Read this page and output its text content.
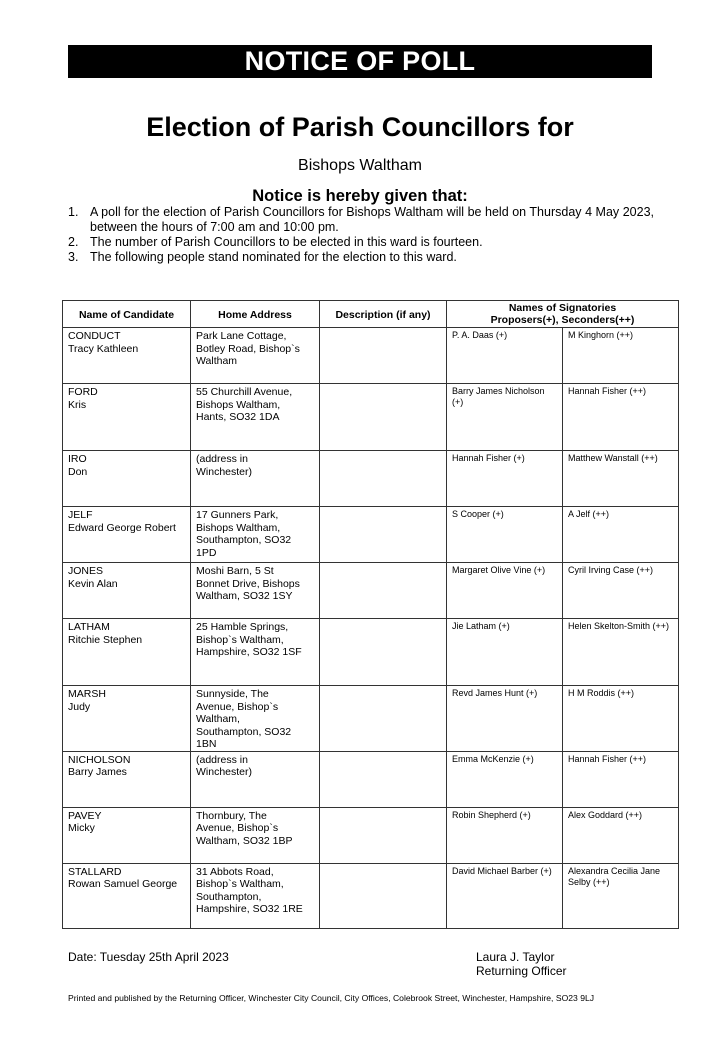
NOTICE OF POLL
Election of Parish Councillors for
Bishops Waltham
Notice is hereby given that:
1. A poll for the election of Parish Councillors for Bishops Waltham will be held on Thursday 4 May 2023, between the hours of 7:00 am and 10:00 pm.
2. The number of Parish Councillors to be elected in this ward is fourteen.
3. The following people stand nominated for the election to this ward.
Name of Candidate	Home Address	Description (if any)	Names of Signatories
Proposers(+), Seconders(++)	

CONDUCT
Tracy Kathleen	Park Lane Cottage,
Botley Road, Bishop`s
Waltham		P. A. Daas (+)	M Kinghorn (++)

FORD
Kris	55 Churchill Avenue,
Bishops Waltham,
Hants, SO32 1DA		Barry James Nicholson (+)	Hannah Fisher (++)

IRO
Don	(address in
Winchester)		Hannah Fisher (+)	Matthew Wanstall (++)

JELF
Edward George Robert	17 Gunners Park,
Bishops Waltham,
Southampton, SO32
1PD		S Cooper (+)	A Jelf (++)

JONES
Kevin Alan	Moshi Barn, 5 St
Bonnet Drive, Bishops
Waltham, SO32 1SY		Margaret Olive Vine (+)	Cyril Irving Case (++)

LATHAM
Ritchie Stephen	25 Hamble Springs,
Bishop`s Waltham,
Hampshire, SO32 1SF		Jie Latham (+)	Helen Skelton-Smith (++)

MARSH
Judy	Sunnyside, The
Avenue, Bishop`s
Waltham,
Southampton, SO32
1BN		Revd James Hunt (+)	H M Roddis (++)

NICHOLSON
Barry James	(address in
Winchester)		Emma McKenzie (+)	Hannah Fisher (++)

PAVEY
Micky	Thornbury, The
Avenue, Bishop`s
Waltham, SO32 1BP		Robin Shepherd (+)	Alex Goddard (++)

STALLARD
Rowan Samuel George	31 Abbots Road,
Bishop`s Waltham,
Southampton,
Hampshire, SO32 1RE		David Michael Barber (+)	Alexandra Cecilia Jane Selby (++)
Date: Tuesday 25th April 2023	Laura J. Taylor
Returning Officer
Printed and published by the Returning Officer, Winchester City Council, City Offices, Colebrook Street, Winchester, Hampshire, SO23 9LJ
